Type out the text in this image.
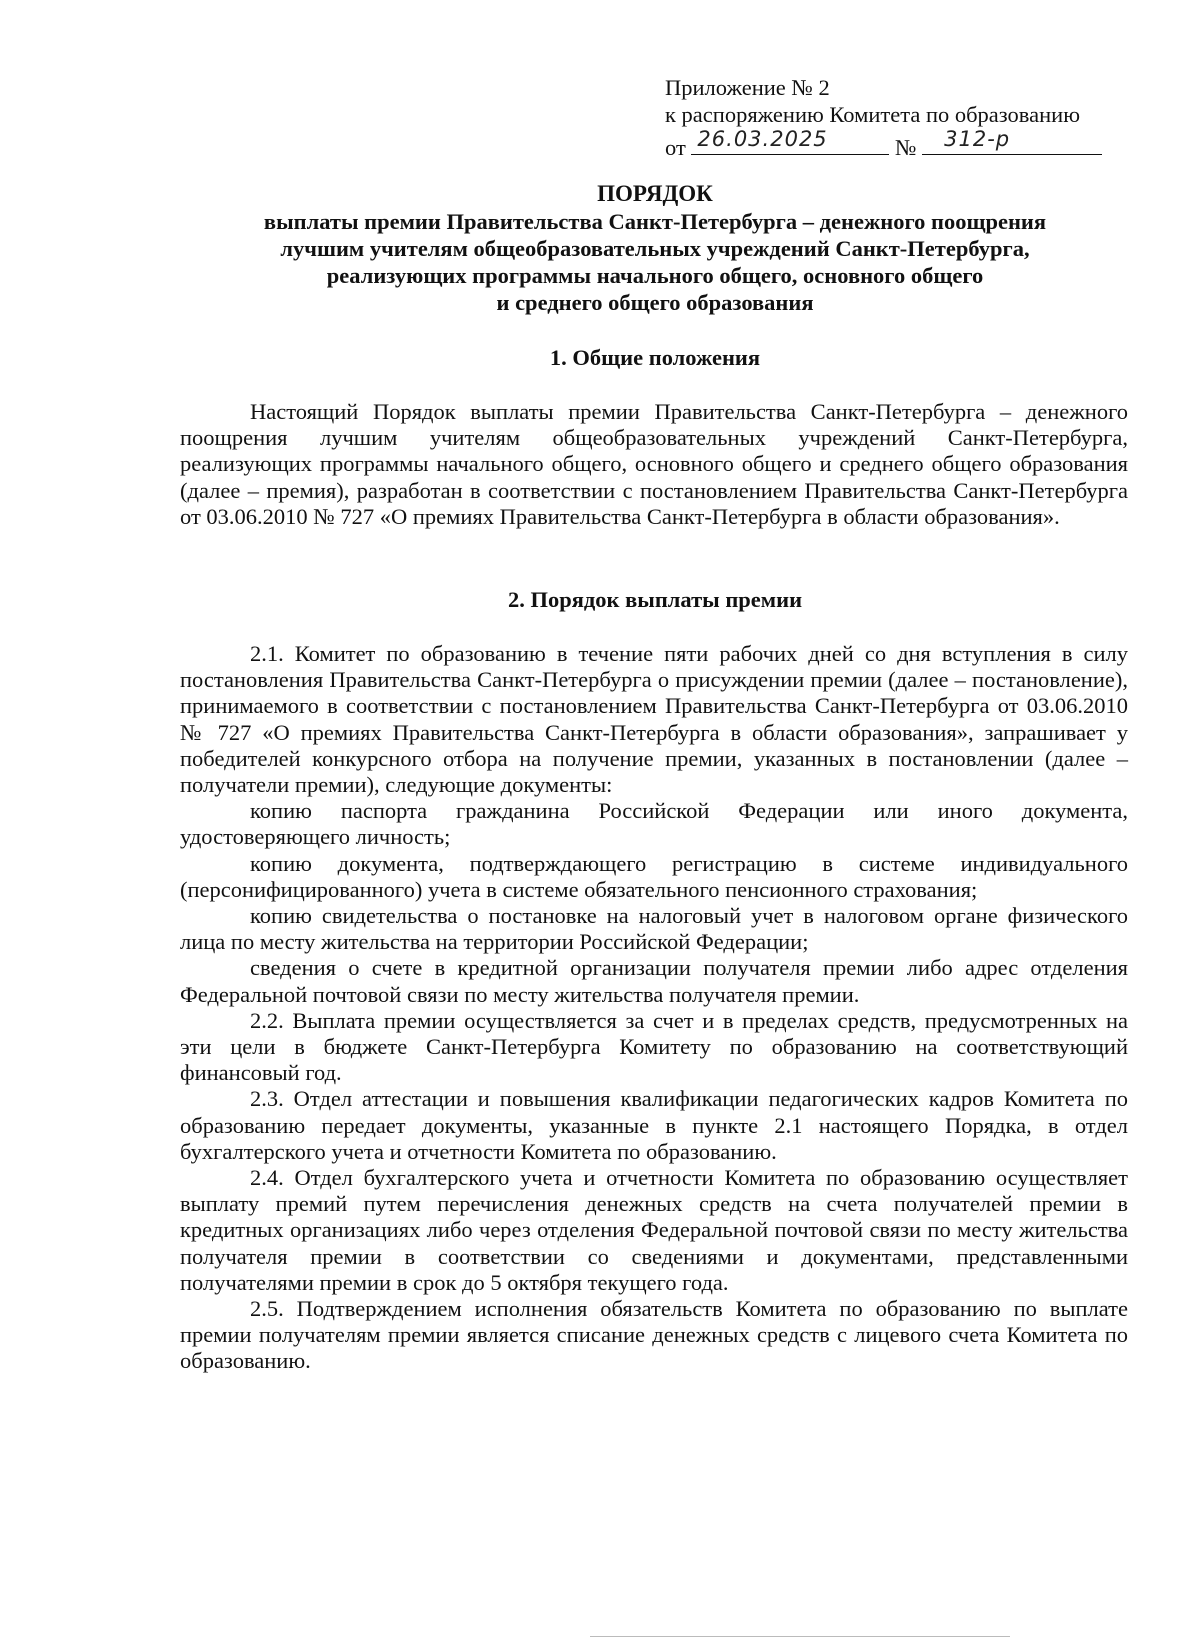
Приложение № 2
к распоряжению Комитета по образованию
от 26.03.2025	№ 312-р
ПОРЯДОК
выплаты премии Правительства Санкт-Петербурга – денежного поощрения
лучшим учителям общеобразовательных учреждений Санкт-Петербурга,
реализующих программы начального общего, основного общего
и среднего общего образования
1. Общие положения

Настоящий Порядок выплаты премии Правительства Санкт-Петербурга – денежного поощрения лучшим учителям общеобразовательных учреждений Санкт-Петербурга, реализующих программы начального общего, основного общего и среднего общего образования (далее – премия), разработан в соответствии с постановлением Правительства Санкт-Петербурга от 03.06.2010 № 727 «О премиях Правительства Санкт-Петербурга в области образования».

2. Порядок выплаты премии

2.1. Комитет по образованию в течение пяти рабочих дней со дня вступления в силу постановления Правительства Санкт-Петербурга о присуждении премии (далее – постановление), принимаемого в соответствии с постановлением Правительства Санкт-Петербурга от 03.06.2010 № 727 «О премиях Правительства Санкт-Петербурга в области образования», запрашивает у победителей конкурсного отбора на получение премии, указанных в постановлении (далее – получатели премии), следующие документы:

копию паспорта гражданина Российской Федерации или иного документа, удостоверяющего личность;

копию документа, подтверждающего регистрацию в системе индивидуального (персонифицированного) учета в системе обязательного пенсионного страхования;

копию свидетельства о постановке на налоговый учет в налоговом органе физического лица по месту жительства на территории Российской Федерации;

сведения о счете в кредитной организации получателя премии либо адрес отделения Федеральной почтовой связи по месту жительства получателя премии.

2.2. Выплата премии осуществляется за счет и в пределах средств, предусмотренных на эти цели в бюджете Санкт-Петербурга Комитету по образованию на соответствующий финансовый год.

2.3. Отдел аттестации и повышения квалификации педагогических кадров Комитета по образованию передает документы, указанные в пункте 2.1 настоящего Порядка, в отдел бухгалтерского учета и отчетности Комитета по образованию.

2.4. Отдел бухгалтерского учета и отчетности Комитета по образованию осуществляет выплату премий путем перечисления денежных средств на счета получателей премии в кредитных организациях либо через отделения Федеральной почтовой связи по месту жительства получателя премии в соответствии со сведениями и документами, представленными получателями премии в срок до 5 октября текущего года.

2.5. Подтверждением исполнения обязательств Комитета по образованию по выплате премии получателям премии является списание денежных средств с лицевого счета Комитета по образованию.
